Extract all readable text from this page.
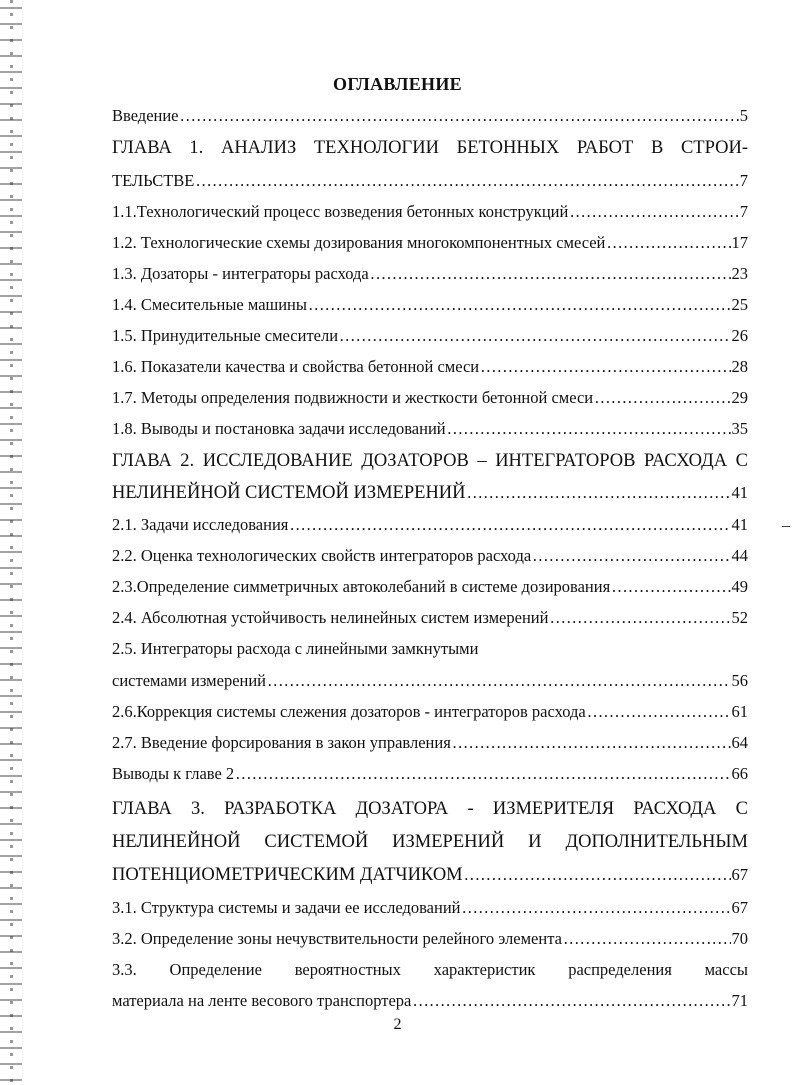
ОГЛАВЛЕНИЕ
Введение ……………………………………………………………………………………………………………………………………………………………………	5
ГЛАВА 1. АНАЛИЗ ТЕХНОЛОГИИ БЕТОННЫХ РАБОТ В СТРОИ-
ТЕЛЬСТВЕ ……………………………………………………………………………………………………………………………………………………………………	7
1.1.Технологический процесс возведения бетонных конструкций ……………………………………………………………………………………………………………………………………………………………………	7
1.2. Технологические схемы дозирования многокомпонентных смесей ……………………………………………………………………………………………………………………………………………………………………	17
1.3. Дозаторы - интеграторы расхода ……………………………………………………………………………………………………………………………………………………………………	23
1.4. Смесительные машины ……………………………………………………………………………………………………………………………………………………………………	25
1.5. Принудительные смесители ……………………………………………………………………………………………………………………………………………………………………	26
1.6. Показатели качества и свойства бетонной смеси ……………………………………………………………………………………………………………………………………………………………………	28
1.7. Методы определения подвижности и жесткости бетонной смеси ……………………………………………………………………………………………………………………………………………………………………	29
1.8. Выводы и постановка задачи исследований ……………………………………………………………………………………………………………………………………………………………………	35
ГЛАВА 2. ИССЛЕДОВАНИЕ ДОЗАТОРОВ – ИНТЕГРАТОРОВ РАСХОДА С
НЕЛИНЕЙНОЙ СИСТЕМОЙ ИЗМЕРЕНИЙ ……………………………………………………………………………………………………………………………………………………………………	41
2.1. Задачи исследования ……………………………………………………………………………………………………………………………………………………………………	41
2.2. Оценка технологических свойств интеграторов расхода ……………………………………………………………………………………………………………………………………………………………………	44
2.3.Определение симметричных автоколебаний в системе дозирования ……………………………………………………………………………………………………………………………………………………………………	49
2.4. Абсолютная устойчивость нелинейных систем измерений ……………………………………………………………………………………………………………………………………………………………………	52
2.5. Интеграторы расхода с линейными замкнутыми
системами измерений ……………………………………………………………………………………………………………………………………………………………………	56
2.6.Коррекция системы слежения дозаторов - интеграторов расхода ……………………………………………………………………………………………………………………………………………………………………	61
2.7. Введение форсирования в закон управления ……………………………………………………………………………………………………………………………………………………………………	64
Выводы к главе 2 ……………………………………………………………………………………………………………………………………………………………………	66
ГЛАВА 3. РАЗРАБОТКА ДОЗАТОРА - ИЗМЕРИТЕЛЯ РАСХОДА С
НЕЛИНЕЙНОЙ СИСТЕМОЙ ИЗМЕРЕНИЙ И ДОПОЛНИТЕЛЬНЫМ
ПОТЕНЦИОМЕТРИЧЕСКИМ ДАТЧИКОМ ……………………………………………………………………………………………………………………………………………………………………	67
3.1. Структура системы и задачи ее исследований ……………………………………………………………………………………………………………………………………………………………………	67
3.2. Определение зоны нечувствительности релейного элемента ……………………………………………………………………………………………………………………………………………………………………	70
3.3. Определение вероятностных характеристик распределения массы
материала на ленте весового транспортера ……………………………………………………………………………………………………………………………………………………………………	71
2
